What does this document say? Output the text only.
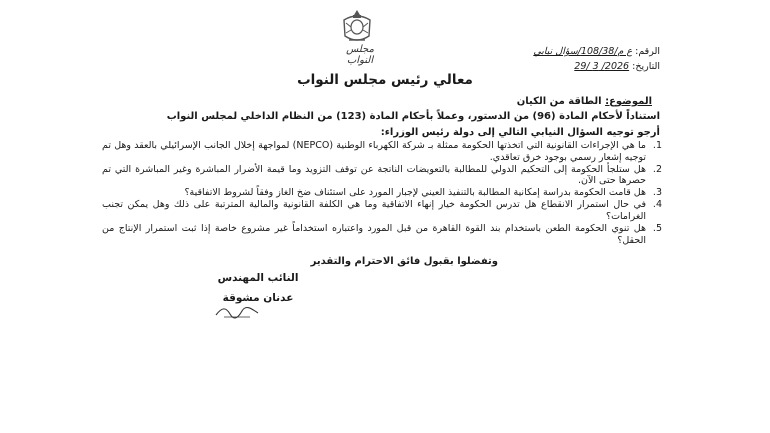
مجلس النواب
الرقم: ع م/108/38/سؤال نيابي
التاريخ: 2026/ 3 /29
معالي رئيس مجلس النواب
الموضوع: الطاقة من الكيان
استناداً لأحكام المادة (96) من الدستور، وعملاً بأحكام المادة (123) من النظام الداخلي لمجلس النواب
أرجو توجيه السؤال النيابي التالي إلى دولة رئيس الوزراء:
1.
ما هي الإجراءات القانونية التي اتخذتها الحكومة ممثلة بـ شركة الكهرباء الوطنية (NEPCO) لمواجهة إخلال الجانب الإسرائيلي بالعقد وهل تم توجيه إشعار رسمي بوجود خرق تعاقدي.
2.
هل ستلجأ الحكومة إلى التحكيم الدولي للمطالبة بالتعويضات الناتجة عن توقف التزويد وما قيمة الأضرار المباشرة وغير المباشرة التي تم حصرها حتى الآن.
3.
هل قامت الحكومة بدراسة إمكانية المطالبة بالتنفيذ العيني لإجبار المورد على استئناف ضخ الغاز وفقاً لشروط الاتفاقية؟
4.
في حال استمرار الانقطاع هل تدرس الحكومة خيار إنهاء الاتفاقية وما هي الكلفة القانونية والمالية المترتبة على ذلك وهل يمكن تجنب الغرامات؟
5.
هل تنوي الحكومة الطعن باستخدام بند القوة القاهرة من قبل المورد واعتباره استخداماً غير مشروع خاصة إذا ثبت استمرار الإنتاج من الحقل؟
وتفضلوا بقبول فائق الاحترام والتقدير
النائب المهندس
عدنان مشوقة
